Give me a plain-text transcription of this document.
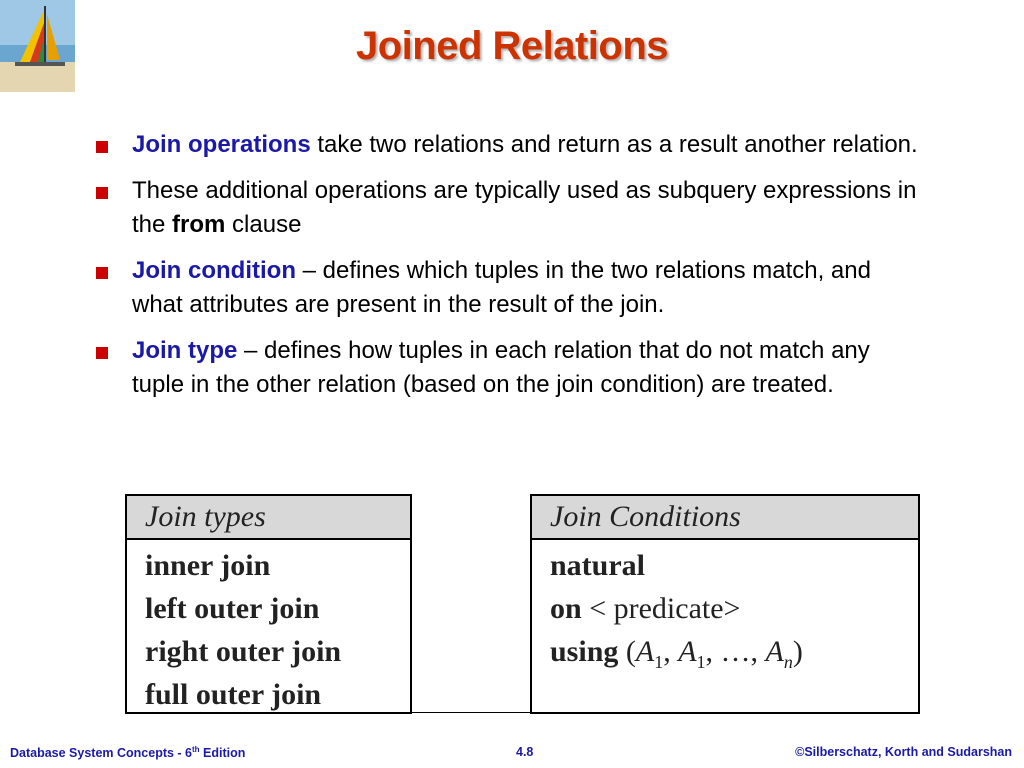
Joined Relations
Join operations take two relations and return as a result another relation.
These additional operations are typically used as subquery expressions in the from clause
Join condition – defines which tuples in the two relations match, and what attributes are present in the result of the join.
Join type – defines how tuples in each relation that do not match any tuple in the other relation (based on the join condition) are treated.
Join types
inner join
left outer join
right outer join
full outer join
Join Conditions
natural
on < predicate>
using ($A_1$, $A_1$, …, $A_n$)
Database System Concepts - 6th Edition	4.8	©Silberschatz, Korth and Sudarshan
